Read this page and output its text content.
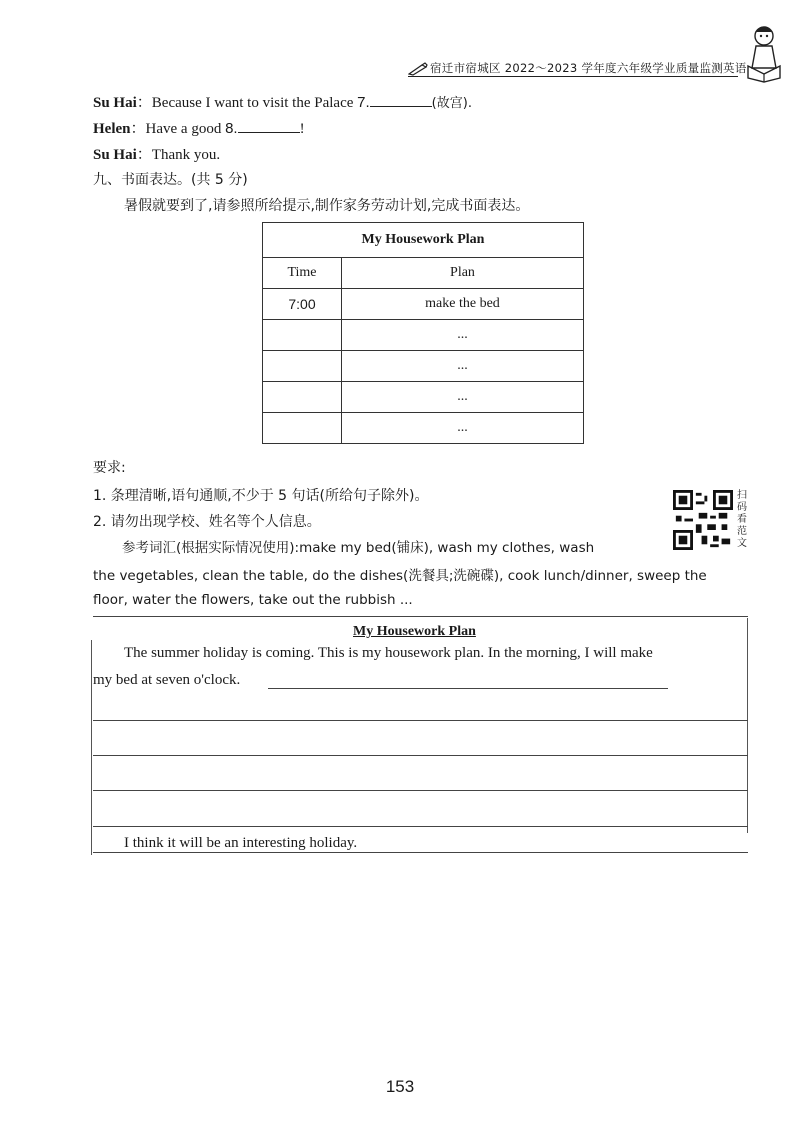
宿迁市宿城区 2022～2023 学年度六年级学业质量监测英语
Su Hai：Because I want to visit the Palace 7.	(故宫).
Helen：Have a good 8.	!
Su Hai：Thank you.
九、书面表达。(共 5 分)
暑假就要到了,请参照所给提示,制作家务劳动计划,完成书面表达。
My Housework Plan	
Time	Plan
7:00	make the bed
	...
	...
	...
	...
要求:
1. 条理清晰,语句通顺,不少于 5 句话(所给句子除外)。
2. 请勿出现学校、姓名等个人信息。
参考词汇(根据实际情况使用):make my bed(铺床), wash my clothes, wash
the vegetables, clean the table, do the dishes(洗餐具;洗碗碟), cook lunch/dinner, sweep the
floor, water the flowers, take out the rubbish ...
扫码看范文
My Housework Plan
The summer holiday is coming. This is my housework plan. In the morning, I will make
my bed at seven o'clock.
I think it will be an interesting holiday.
153
